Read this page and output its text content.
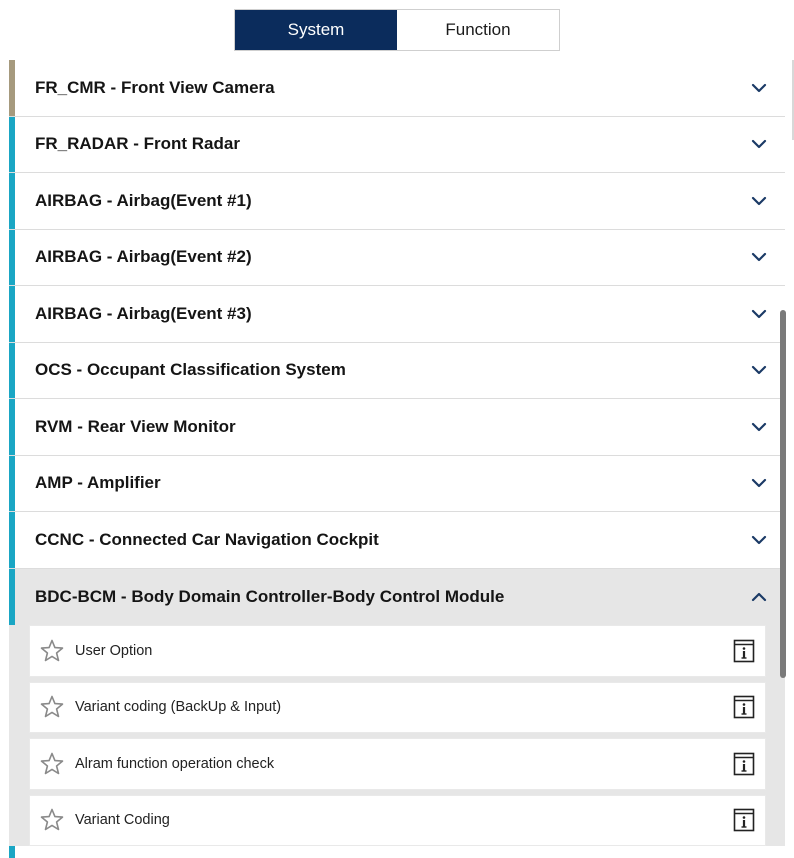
System	Function
FR_CMR - Front View Camera
FR_RADAR - Front Radar
AIRBAG - Airbag(Event #1)
AIRBAG - Airbag(Event #2)
AIRBAG - Airbag(Event #3)
OCS - Occupant Classification System
RVM - Rear View Monitor
AMP - Amplifier
CCNC - Connected Car Navigation Cockpit
BDC-BCM - Body Domain Controller-Body Control Module
User Option
Variant coding (BackUp & Input)
Alram function operation check
Variant Coding
